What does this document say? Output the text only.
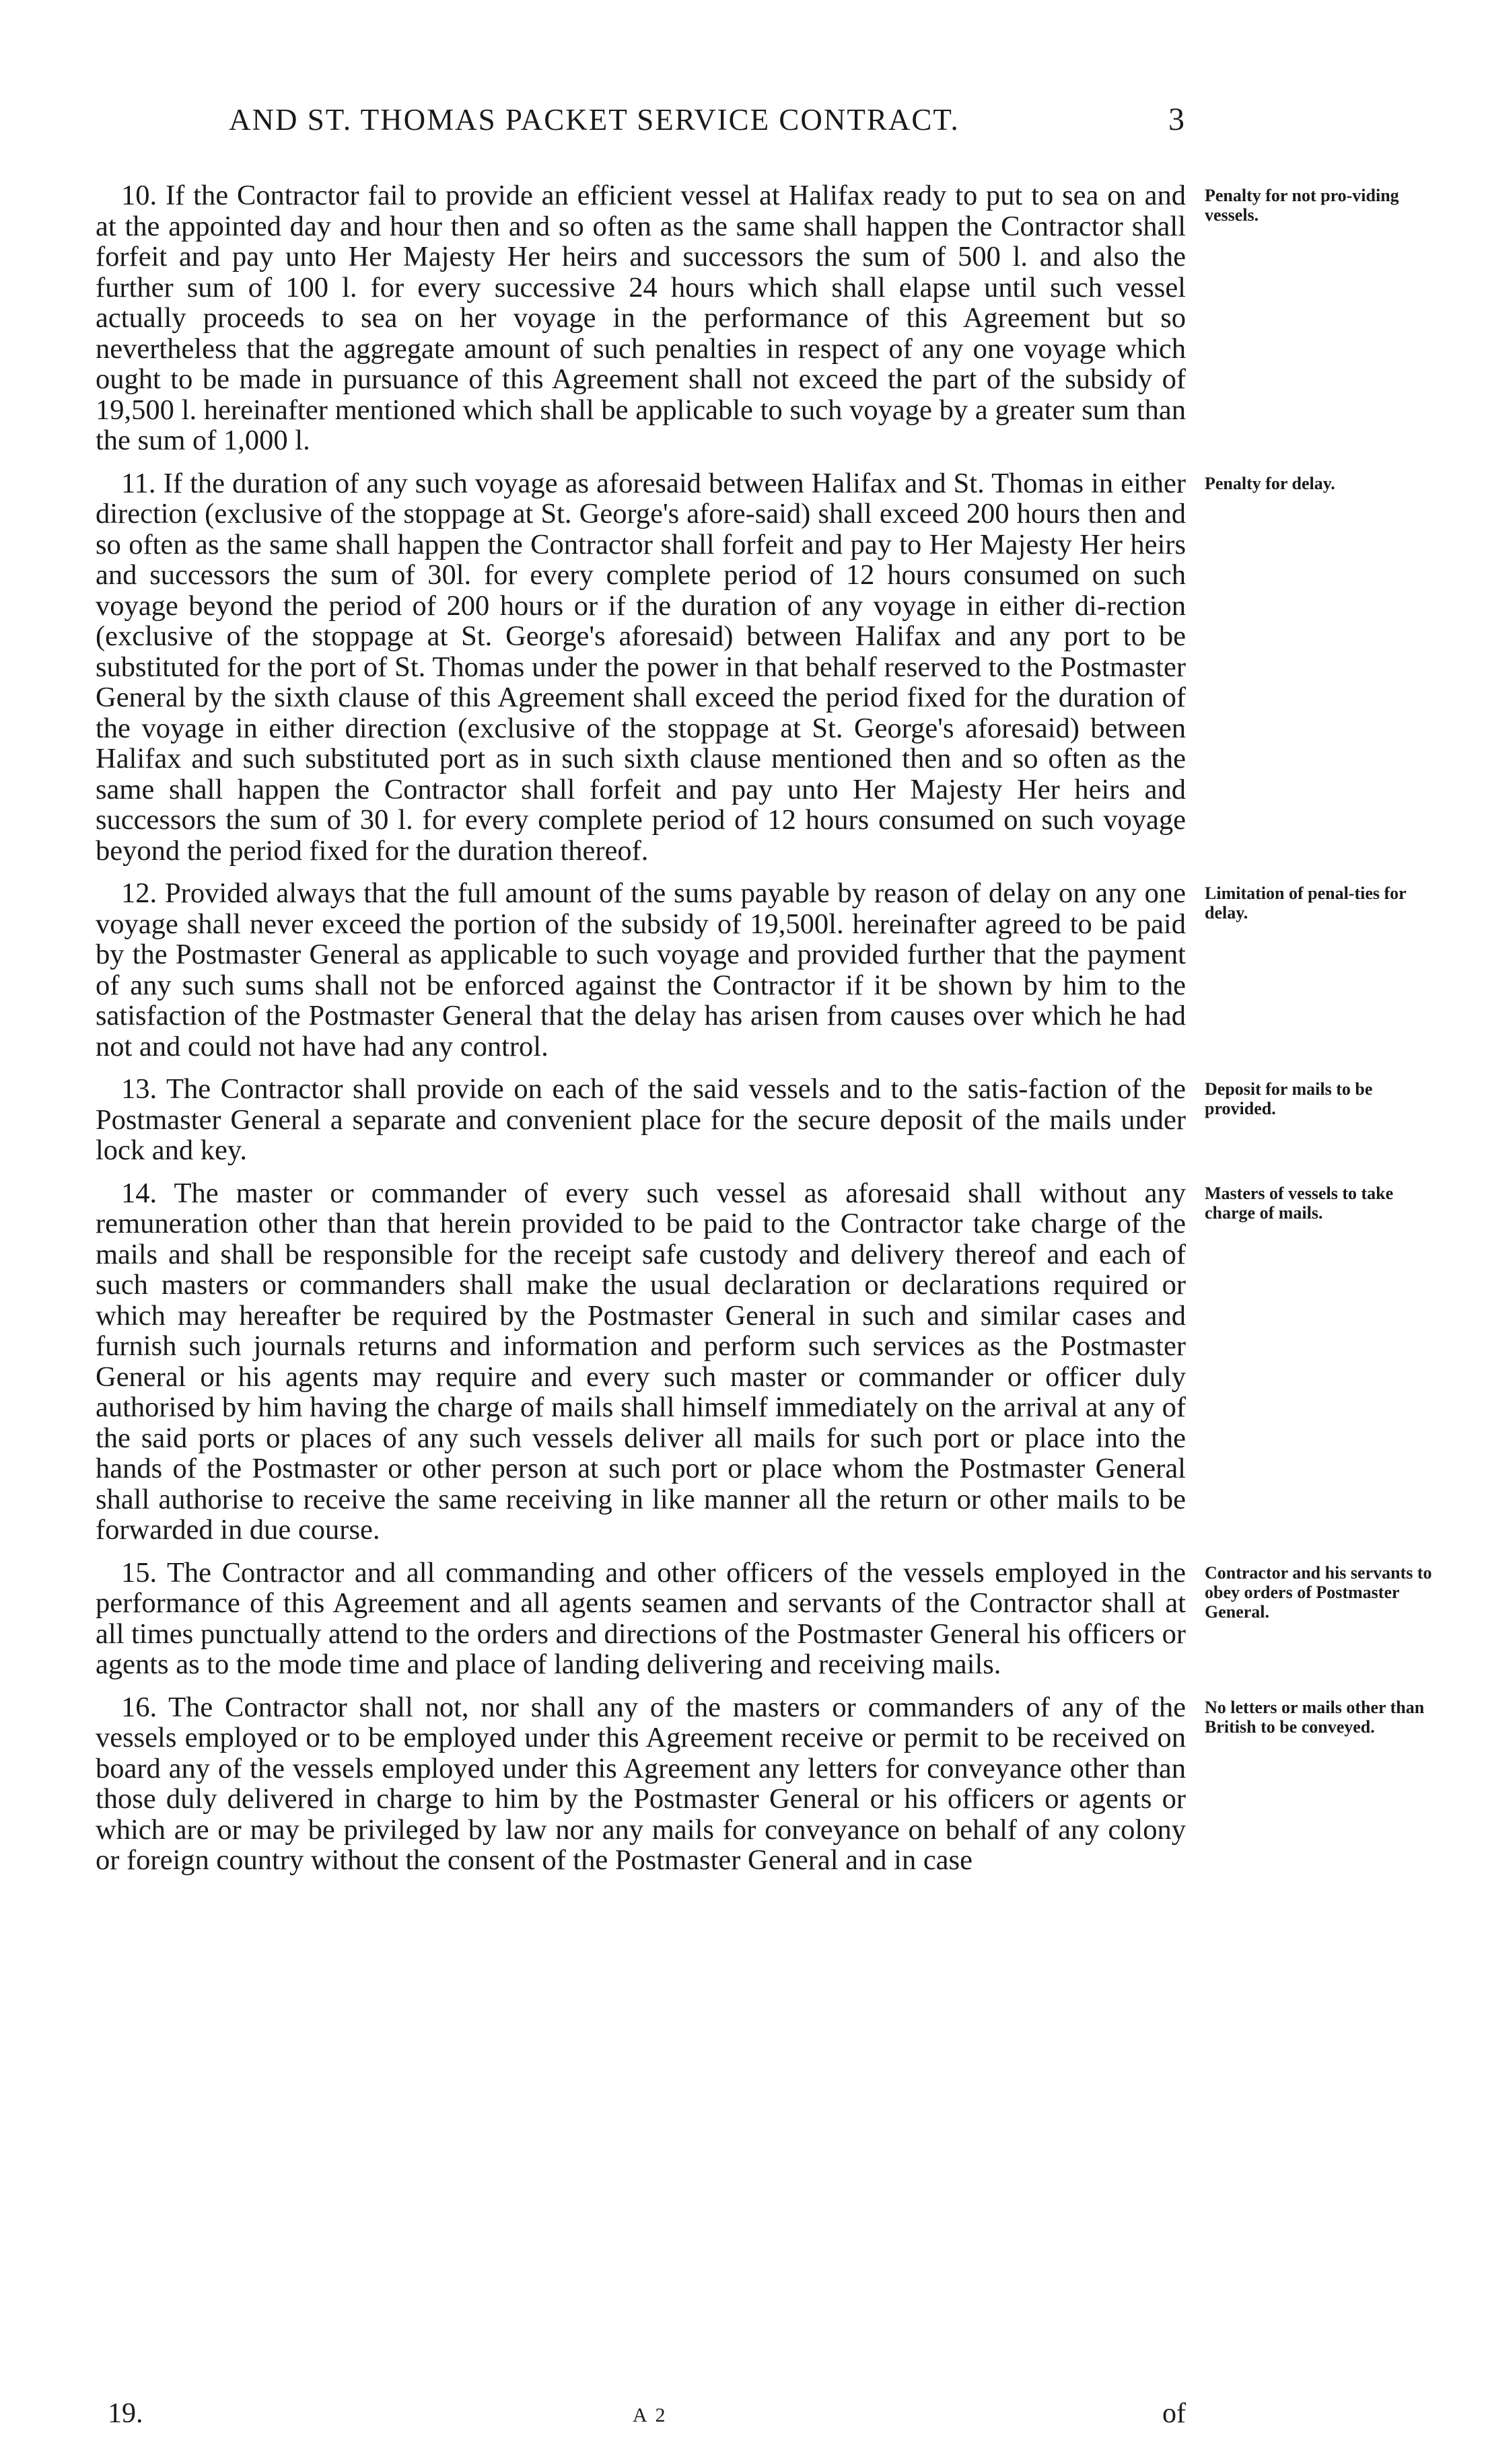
AND ST. THOMAS PACKET SERVICE CONTRACT.	3

10. If the Contractor fail to provide an efficient vessel at Halifax ready to put to sea on and at the appointed day and hour then and so often as the same shall happen the Contractor shall forfeit and pay unto Her Majesty Her heirs and successors the sum of 500 l. and also the further sum of 100 l. for every successive 24 hours which shall elapse until such vessel actually proceeds to sea on her voyage in the performance of this Agreement but so nevertheless that the aggregate amount of such penalties in respect of any one voyage which ought to be made in pursuance of this Agreement shall not exceed the part of the subsidy of 19,500 l. hereinafter mentioned which shall be applicable to such voyage by a greater sum than the sum of 1,000 l.

Penalty for not pro-viding vessels.

11. If the duration of any such voyage as aforesaid between Halifax and St. Thomas in either direction (exclusive of the stoppage at St. George's afore-said) shall exceed 200 hours then and so often as the same shall happen the Contractor shall forfeit and pay to Her Majesty Her heirs and successors the sum of 30l. for every complete period of 12 hours consumed on such voyage beyond the period of 200 hours or if the duration of any voyage in either di-rection (exclusive of the stoppage at St. George's aforesaid) between Halifax and any port to be substituted for the port of St. Thomas under the power in that behalf reserved to the Postmaster General by the sixth clause of this Agreement shall exceed the period fixed for the duration of the voyage in either direction (exclusive of the stoppage at St. George's aforesaid) between Halifax and such substituted port as in such sixth clause mentioned then and so often as the same shall happen the Contractor shall forfeit and pay unto Her Majesty Her heirs and successors the sum of 30 l. for every complete period of 12 hours consumed on such voyage beyond the period fixed for the duration thereof.

Penalty for delay.

12. Provided always that the full amount of the sums payable by reason of delay on any one voyage shall never exceed the portion of the subsidy of 19,500l. hereinafter agreed to be paid by the Postmaster General as applicable to such voyage and provided further that the payment of any such sums shall not be enforced against the Contractor if it be shown by him to the satisfaction of the Postmaster General that the delay has arisen from causes over which he had not and could not have had any control.

Limitation of penal-ties for delay.

13. The Contractor shall provide on each of the said vessels and to the satis-faction of the Postmaster General a separate and convenient place for the secure deposit of the mails under lock and key.

Deposit for mails to be provided.

14. The master or commander of every such vessel as aforesaid shall without any remuneration other than that herein provided to be paid to the Contractor take charge of the mails and shall be responsible for the receipt safe custody and delivery thereof and each of such masters or commanders shall make the usual declaration or declarations required or which may hereafter be required by the Postmaster General in such and similar cases and furnish such journals returns and information and perform such services as the Postmaster General or his agents may require and every such master or commander or officer duly authorised by him having the charge of mails shall himself immediately on the arrival at any of the said ports or places of any such vessels deliver all mails for such port or place into the hands of the Postmaster or other person at such port or place whom the Postmaster General shall authorise to receive the same receiving in like manner all the return or other mails to be forwarded in due course.

Masters of vessels to take charge of mails.

15. The Contractor and all commanding and other officers of the vessels employed in the performance of this Agreement and all agents seamen and servants of the Contractor shall at all times punctually attend to the orders and directions of the Postmaster General his officers or agents as to the mode time and place of landing delivering and receiving mails.

Contractor and his servants to obey orders of Postmaster General.

16. The Contractor shall not, nor shall any of the masters or commanders of any of the vessels employed or to be employed under this Agreement receive or permit to be received on board any of the vessels employed under this Agreement any letters for conveyance other than those duly delivered in charge to him by the Postmaster General or his officers or agents or which are or may be privileged by law nor any mails for conveyance on behalf of any colony or foreign country without the consent of the Postmaster General and in case

No letters or mails other than British to be conveyed.
19.	A 2	of
